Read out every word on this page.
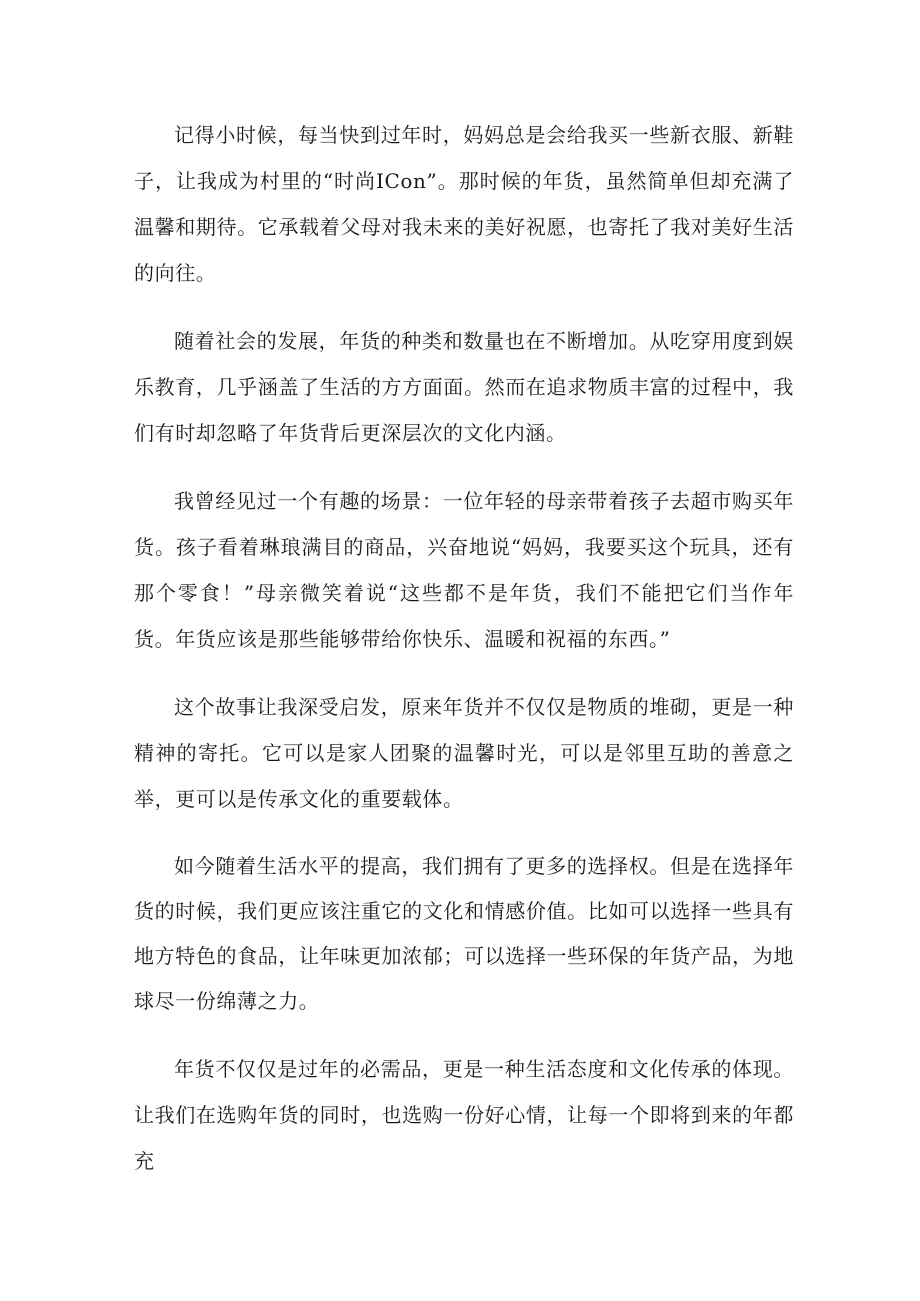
记得小时候，每当快到过年时，妈妈总是会给我买一些新衣服、新鞋子，让我成为村里的“时尚ICon”。那时候的年货，虽然简单但却充满了温馨和期待。它承载着父母对我未来的美好祝愿，也寄托了我对美好生活的向往。

随着社会的发展，年货的种类和数量也在不断增加。从吃穿用度到娱乐教育，几乎涵盖了生活的方方面面。然而在追求物质丰富的过程中，我们有时却忽略了年货背后更深层次的文化内涵。

我曾经见过一个有趣的场景：一位年轻的母亲带着孩子去超市购买年货。孩子看着琳琅满目的商品，兴奋地说“妈妈，我要买这个玩具，还有那个零食！”母亲微笑着说“这些都不是年货，我们不能把它们当作年货。年货应该是那些能够带给你快乐、温暖和祝福的东西。”

这个故事让我深受启发，原来年货并不仅仅是物质的堆砌，更是一种精神的寄托。它可以是家人团聚的温馨时光，可以是邻里互助的善意之举，更可以是传承文化的重要载体。

如今随着生活水平的提高，我们拥有了更多的选择权。但是在选择年货的时候，我们更应该注重它的文化和情感价值。比如可以选择一些具有地方特色的食品，让年味更加浓郁；可以选择一些环保的年货产品，为地球尽一份绵薄之力。

年货不仅仅是过年的必需品，更是一种生活态度和文化传承的体现。让我们在选购年货的同时，也选购一份好心情，让每一个即将到来的年都充
